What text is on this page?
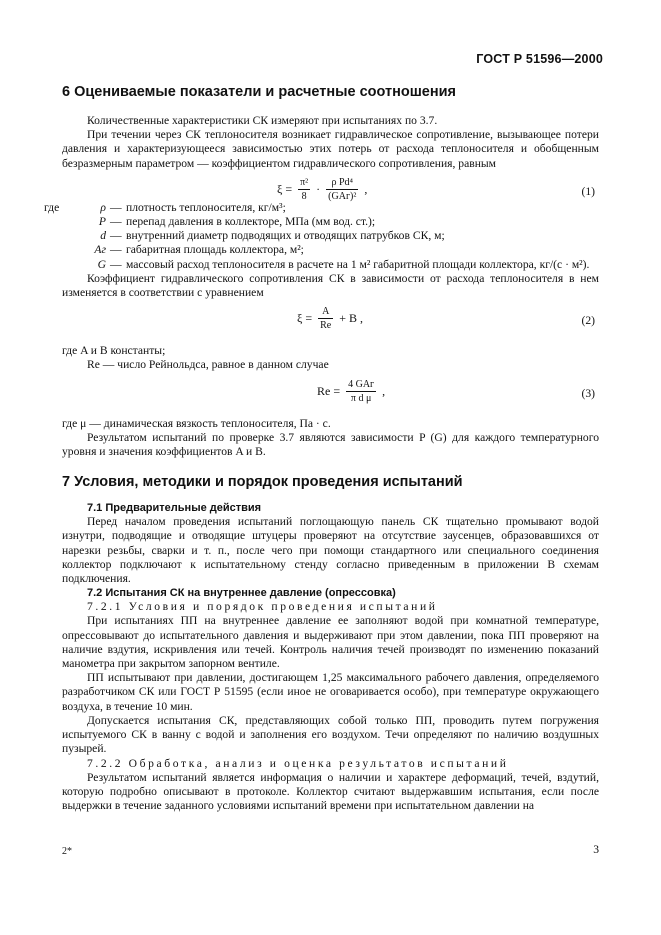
ГОСТ Р 51596—2000
6 Оцениваемые показатели и расчетные соотношения

Количественные характеристики СК измеряют при испытаниях по 3.7.

При течении через СК теплоносителя возникает гидравлическое сопротивление, вызывающее потери давления и характеризующееся зависимостью этих потерь от расхода теплоносителя и обобщенным безразмерным параметром — коэффициентом гидравлического сопротивления, равным

$\xi = \frac{\text{π²}}{8} \cdot \frac{\text{ρ Pd⁴}}{\text{(GAг)²}}$ ,	(1)
где	ρ — плотность теплоносителя, кг/м³;
P — перепад давления в коллекторе, МПа (мм вод. ст.);
d — внутренний диаметр подводящих и отводящих патрубков СК, м;
Aг — габаритная площадь коллектора, м²;
G — массовый расход теплоносителя в расчете на 1 м² габаритной площади коллектора, кг/(с · м²).

Коэффициент гидравлического сопротивления СК в зависимости от расхода теплоносителя в нем изменяется в соответствии с уравнением

$\xi = \frac{A}{Re} + B$ ,	(2)

где A и B константы;

Re — число Рейнольдса, равное в данном случае

$Re = \frac{\text{4 GAг}}{\text{π d μ}}$ ,	(3)

где μ — динамическая вязкость теплоносителя, Па · с.

Результатом испытаний по проверке 3.7 являются зависимости P (G) для каждого температурного уровня и значения коэффициентов A и B.

7 Условия, методики и порядок проведения испытаний
7.1 Предварительные действия

Перед началом проведения испытаний поглощающую панель СК тщательно промывают водой изнутри, подводящие и отводящие штуцеры проверяют на отсутствие заусенцев, образовавшихся от нарезки резьбы, сварки и т. п., после чего при помощи стандартного или специального соединения коллектор подключают к испытательному стенду согласно приведенным в приложении В схемам подключения.

7.2 Испытания СК на внутреннее давление (опрессовка)

7.2.1 Условия и порядок проведения испытаний

При испытаниях ПП на внутреннее давление ее заполняют водой при комнатной температуре, опрессовывают до испытательного давления и выдерживают при этом давлении, пока ПП проверяют на наличие вздутия, искривления или течей. Контроль наличия течей производят по изменению показаний манометра при закрытом запорном вентиле.

ПП испытывают при давлении, достигающем 1,25 максимального рабочего давления, определяемого разработчиком СК или ГОСТ Р 51595 (если иное не оговаривается особо), при температуре окружающего воздуха, в течение 10 мин.

Допускается испытания СК, представляющих собой только ПП, проводить путем погружения испытуемого СК в ванну с водой и заполнения его воздухом. Течи определяют по наличию воздушных пузырей.

7.2.2 Обработка, анализ и оценка результатов испытаний

Результатом испытаний является информация о наличии и характере деформаций, течей, вздутий, которую подробно описывают в протоколе. Коллектор считают выдержавшим испытания, если после выдержки в течение заданного условиями испытаний времени при испытательном давлении на

2*	3
